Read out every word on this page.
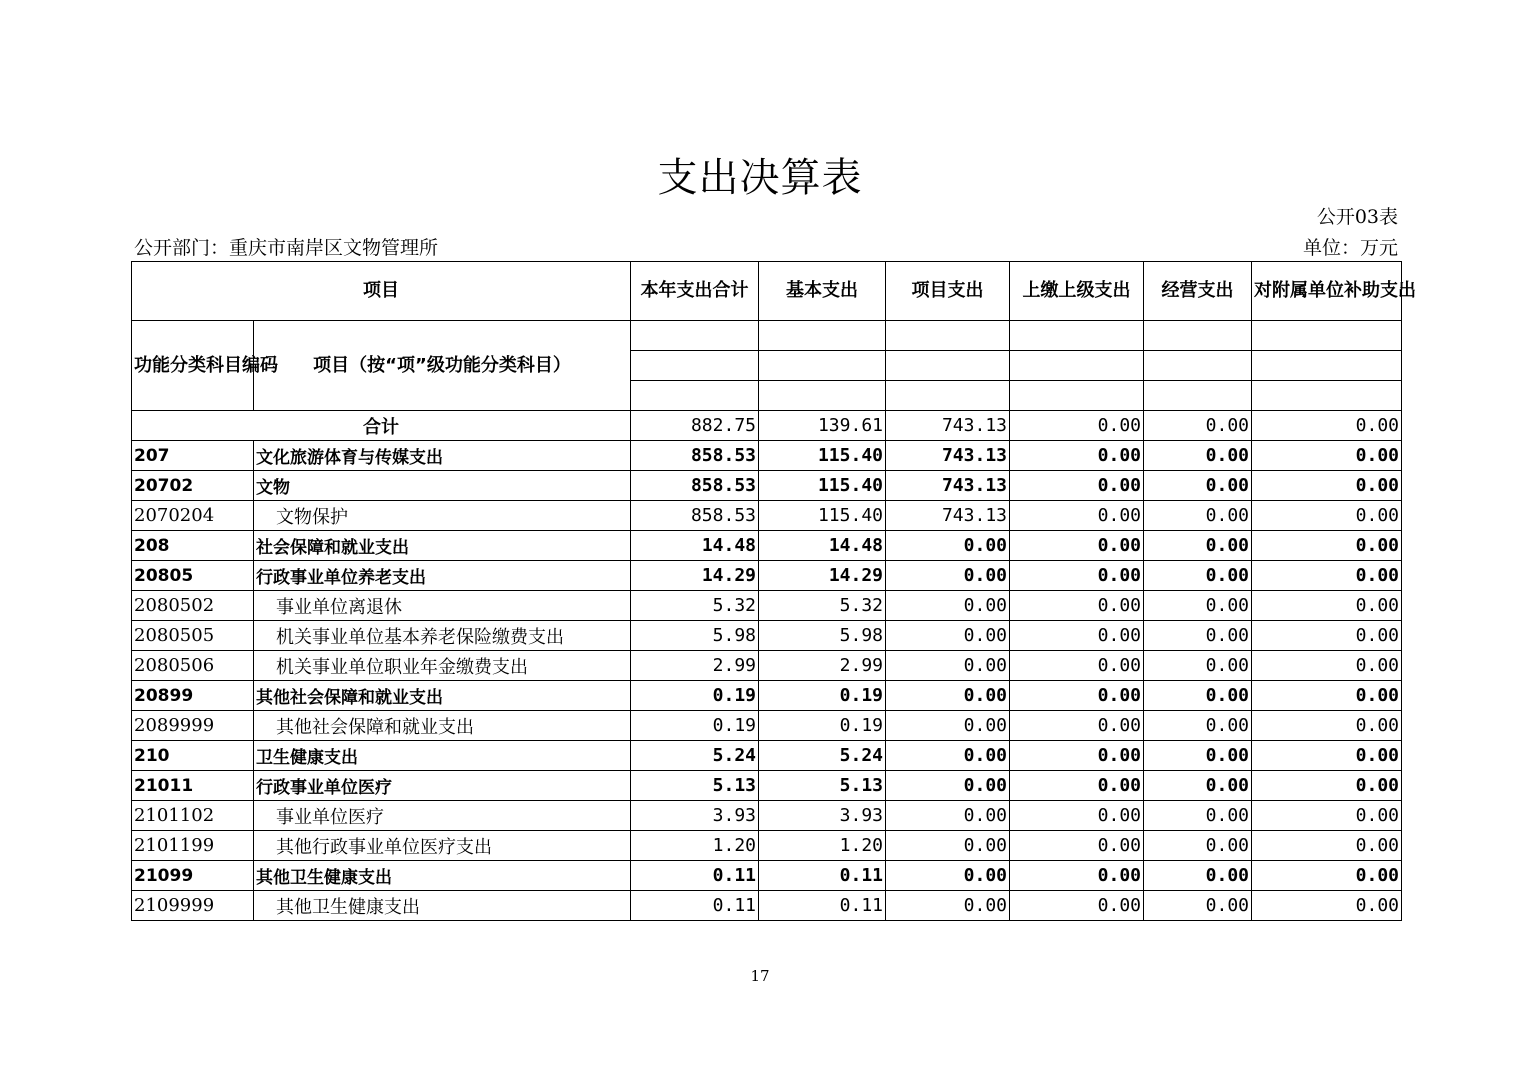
支出决算表
公开03表
公开部门：重庆市南岸区文物管理所	单位：万元
项目		本年支出合计	基本支出	项目支出	上缴上级支出	经营支出	对附属单位补助支出
功能分类科目编码	项目（按“项”级功能分类科目）						

合计		882.75	139.61	743.13	0.00	0.00	0.00
207	文化旅游体育与传媒支出	858.53	115.40	743.13	0.00	0.00	0.00
20702	文物	858.53	115.40	743.13	0.00	0.00	0.00
2070204	文物保护	858.53	115.40	743.13	0.00	0.00	0.00
208	社会保障和就业支出	14.48	14.48	0.00	0.00	0.00	0.00
20805	行政事业单位养老支出	14.29	14.29	0.00	0.00	0.00	0.00
2080502	事业单位离退休	5.32	5.32	0.00	0.00	0.00	0.00
2080505	机关事业单位基本养老保险缴费支出	5.98	5.98	0.00	0.00	0.00	0.00
2080506	机关事业单位职业年金缴费支出	2.99	2.99	0.00	0.00	0.00	0.00
20899	其他社会保障和就业支出	0.19	0.19	0.00	0.00	0.00	0.00
2089999	其他社会保障和就业支出	0.19	0.19	0.00	0.00	0.00	0.00
210	卫生健康支出	5.24	5.24	0.00	0.00	0.00	0.00
21011	行政事业单位医疗	5.13	5.13	0.00	0.00	0.00	0.00
2101102	事业单位医疗	3.93	3.93	0.00	0.00	0.00	0.00
2101199	其他行政事业单位医疗支出	1.20	1.20	0.00	0.00	0.00	0.00
21099	其他卫生健康支出	0.11	0.11	0.00	0.00	0.00	0.00
2109999	其他卫生健康支出	0.11	0.11	0.00	0.00	0.00	0.00
17
